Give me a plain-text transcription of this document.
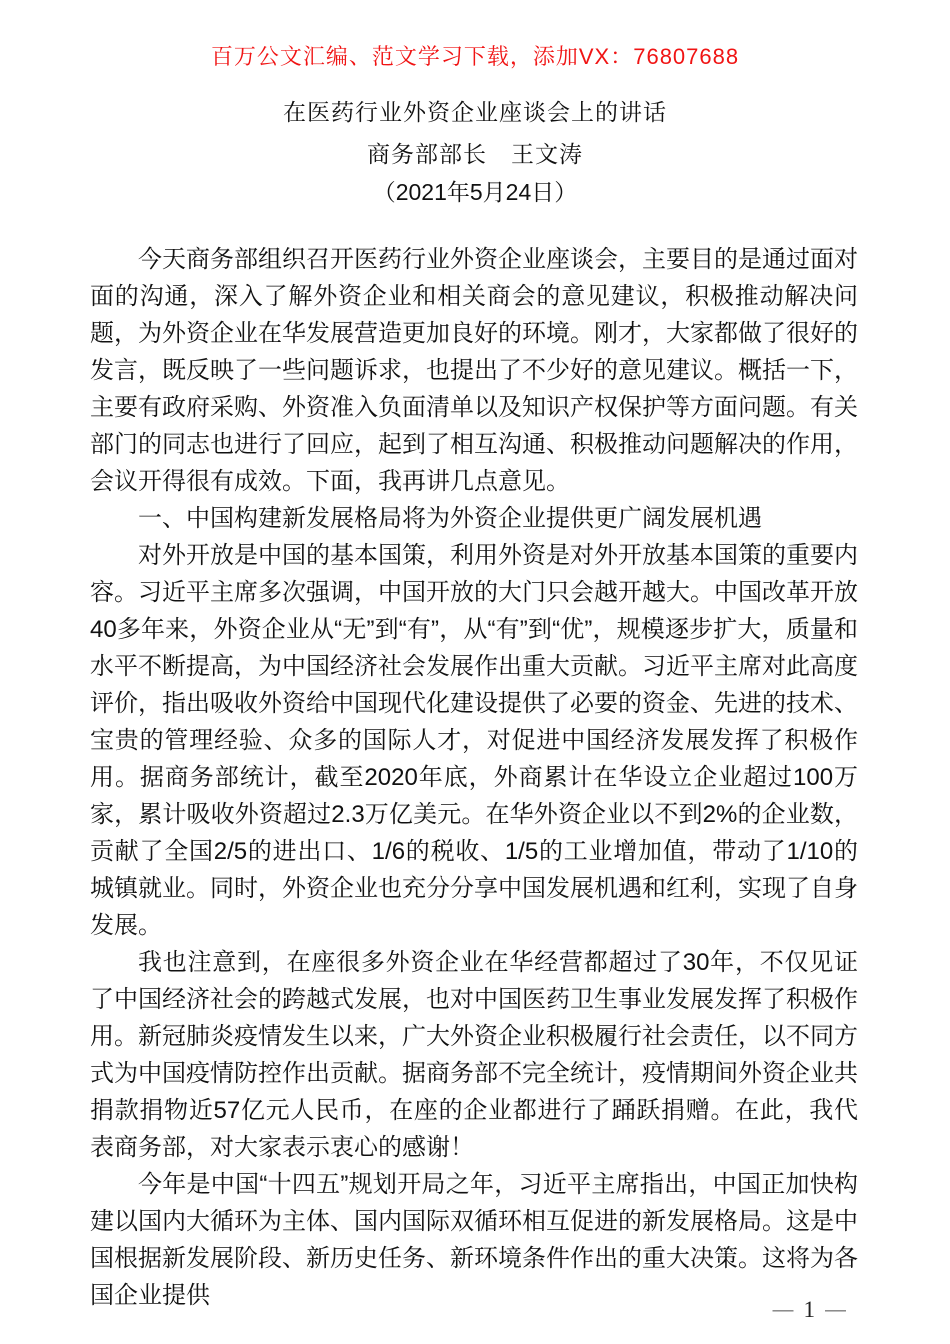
百万公文汇编、范文学习下载，添加VX：76807688
在医药行业外资企业座谈会上的讲话
商务部部长　王文涛
（2021年5月24日）

今天商务部组织召开医药行业外资企业座谈会，主要目的是通过面对面的沟通，深入了解外资企业和相关商会的意见建议，积极推动解决问题，为外资企业在华发展营造更加良好的环境。刚才，大家都做了很好的发言，既反映了一些问题诉求，也提出了不少好的意见建议。概括一下，主要有政府采购、外资准入负面清单以及知识产权保护等方面问题。有关部门的同志也进行了回应，起到了相互沟通、积极推动问题解决的作用，会议开得很有成效。下面，我再讲几点意见。

一、中国构建新发展格局将为外资企业提供更广阔发展机遇

对外开放是中国的基本国策，利用外资是对外开放基本国策的重要内容。习近平主席多次强调，中国开放的大门只会越开越大。中国改革开放40多年来，外资企业从“无”到“有”，从“有”到“优”，规模逐步扩大，质量和水平不断提高，为中国经济社会发展作出重大贡献。习近平主席对此高度评价，指出吸收外资给中国现代化建设提供了必要的资金、先进的技术、宝贵的管理经验、众多的国际人才，对促进中国经济发展发挥了积极作用。据商务部统计，截至2020年底，外商累计在华设立企业超过100万家，累计吸收外资超过2.3万亿美元。在华外资企业以不到2%的企业数，贡献了全国2/5的进出口、1/6的税收、1/5的工业增加值，带动了1/10的城镇就业。同时，外资企业也充分分享中国发展机遇和红利，实现了自身发展。

我也注意到，在座很多外资企业在华经营都超过了30年，不仅见证了中国经济社会的跨越式发展，也对中国医药卫生事业发展发挥了积极作用。新冠肺炎疫情发生以来，广大外资企业积极履行社会责任，以不同方式为中国疫情防控作出贡献。据商务部不完全统计，疫情期间外资企业共捐款捐物近57亿元人民币，在座的企业都进行了踊跃捐赠。在此，我代表商务部，对大家表示衷心的感谢！

今年是中国“十四五”规划开局之年，习近平主席指出，中国正加快构建以国内大循环为主体、国内国际双循环相互促进的新发展格局。这是中国根据新发展阶段、新历史任务、新环境条件作出的重大决策。这将为各国企业提供

— 1 —
